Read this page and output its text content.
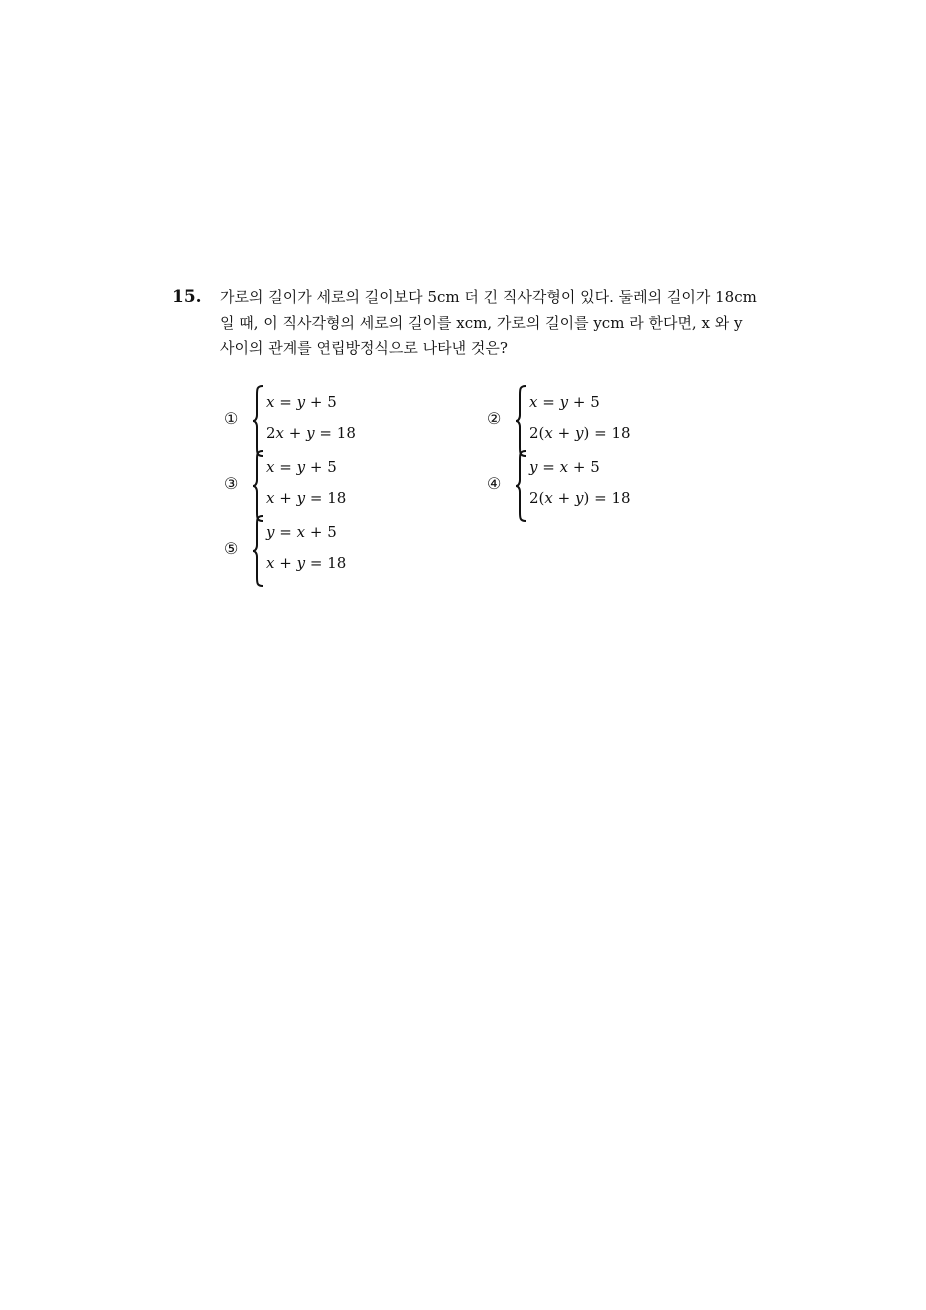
15. 가로의 길이가 세로의 길이보다 5cm 더 긴 직사각형이 있다. 둘레의 길이가 18cm
일 때, 이 직사각형의 세로의 길이를 xcm, 가로의 길이를 ycm 라 한다면, x 와 y
사이의 관계를 연립방정식으로 나타낸 것은?
①
x = y + 5
2x + y = 18
②
x = y + 5
2(x + y) = 18
③
x = y + 5
x + y = 18
④
y = x + 5
2(x + y) = 18
⑤
y = x + 5
x + y = 18
